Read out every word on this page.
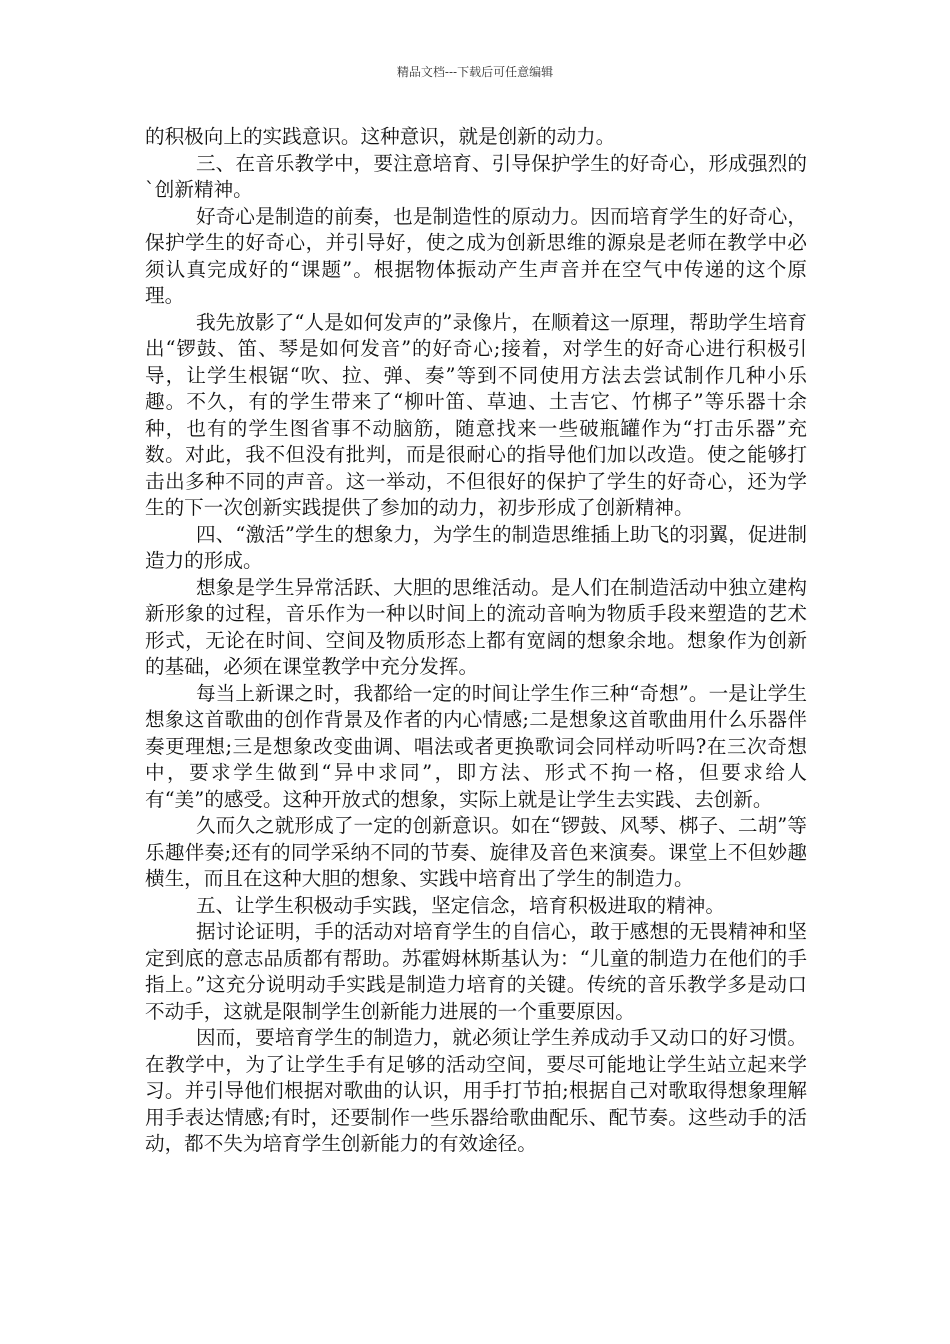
精品文档---下载后可任意编辑

的积极向上的实践意识。这种意识，就是创新的动力。

三、在音乐教学中，要注意培育、引导保护学生的好奇心，形成强烈的`创新精神。

好奇心是制造的前奏，也是制造性的原动力。因而培育学生的好奇心，保护学生的好奇心，并引导好，使之成为创新思维的源泉是老师在教学中必须认真完成好的“课题”。根据物体振动产生声音并在空气中传递的这个原理。

我先放影了“人是如何发声的”录像片，在顺着这一原理，帮助学生培育出“锣鼓、笛、琴是如何发音”的好奇心;接着，对学生的好奇心进行积极引导，让学生根锯“吹、拉、弹、奏”等到不同使用方法去尝试制作几种小乐趣。不久，有的学生带来了“柳叶笛、草迪、土吉它、竹梆子”等乐器十余种，也有的学生图省事不动脑筋，随意找来一些破瓶罐作为“打击乐器”充数。对此，我不但没有批判，而是很耐心的指导他们加以改造。使之能够打击出多种不同的声音。这一举动，不但很好的保护了学生的好奇心，还为学生的下一次创新实践提供了参加的动力，初步形成了创新精神。

四、“激活”学生的想象力，为学生的制造思维插上助飞的羽翼，促进制造力的形成。

想象是学生异常活跃、大胆的思维活动。是人们在制造活动中独立建构新形象的过程，音乐作为一种以时间上的流动音响为物质手段来塑造的艺术形式，无论在时间、空间及物质形态上都有宽阔的想象余地。想象作为创新的基础，必须在课堂教学中充分发挥。

每当上新课之时，我都给一定的时间让学生作三种“奇想”。一是让学生想象这首歌曲的创作背景及作者的内心情感;二是想象这首歌曲用什么乐器伴奏更理想;三是想象改变曲调、唱法或者更换歌词会同样动听吗?在三次奇想中，要求学生做到“异中求同”，即方法、形式不拘一格，但要求给人有“美”的感受。这种开放式的想象，实际上就是让学生去实践、去创新。

久而久之就形成了一定的创新意识。如在“锣鼓、风琴、梆子、二胡”等乐趣伴奏;还有的同学采纳不同的节奏、旋律及音色来演奏。课堂上不但妙趣横生，而且在这种大胆的想象、实践中培育出了学生的制造力。

五、让学生积极动手实践，坚定信念，培育积极进取的精神。

据讨论证明，手的活动对培育学生的自信心，敢于感想的无畏精神和坚定到底的意志品质都有帮助。苏霍姆林斯基认为：“儿童的制造力在他们的手指上。”这充分说明动手实践是制造力培育的关键。传统的音乐教学多是动口不动手，这就是限制学生创新能力进展的一个重要原因。

因而，要培育学生的制造力，就必须让学生养成动手又动口的好习惯。在教学中，为了让学生手有足够的活动空间，要尽可能地让学生站立起来学习。并引导他们根据对歌曲的认识，用手打节拍;根据自己对歌取得想象理解用手表达情感;有时，还要制作一些乐器给歌曲配乐、配节奏。这些动手的活动，都不失为培育学生创新能力的有效途径。
